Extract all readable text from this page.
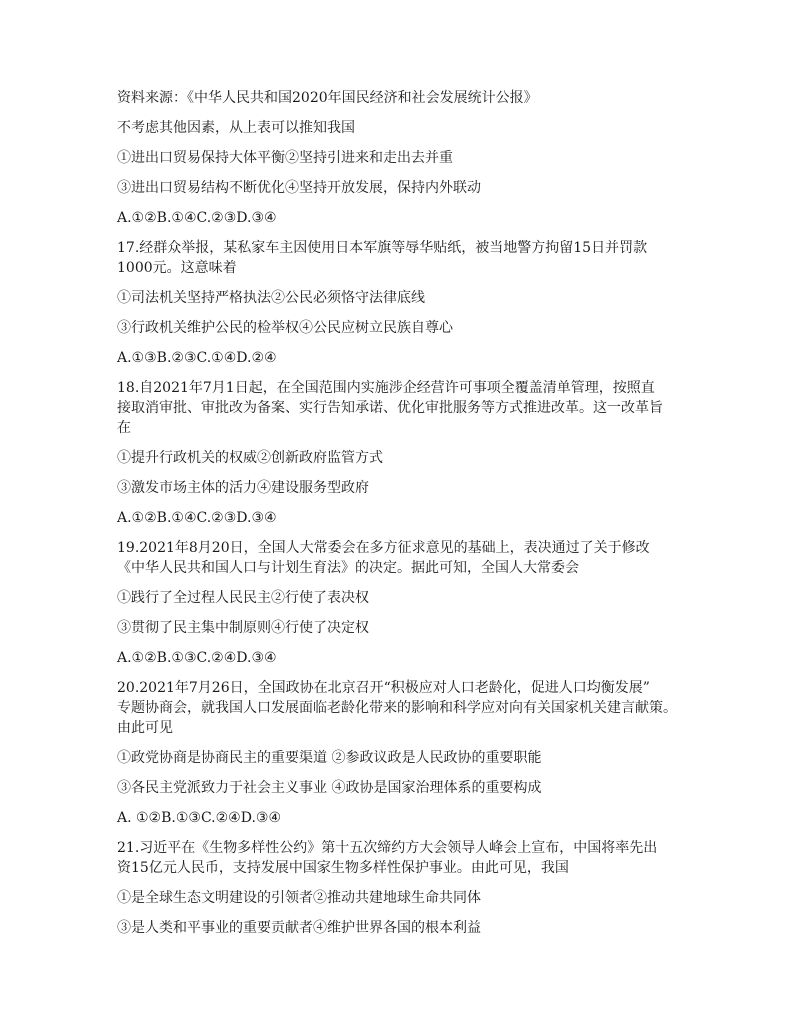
资料来源：《中华人民共和国2020年国民经济和社会发展统计公报》

不考虑其他因素，从上表可以推知我国

①进出口贸易保持大体平衡②坚持引进来和走出去并重

③进出口贸易结构不断优化④坚持开放发展，保持内外联动

A.①②B.①④C.②③D.③④

17.经群众举报，某私家车主因使用日本军旗等辱华贴纸，被当地警方拘留15日并罚款

1000元。这意味着

①司法机关坚持严格执法②公民必须恪守法律底线

③行政机关维护公民的检举权④公民应树立民族自尊心

A.①③B.②③C.①④D.②④

18.自2021年7月1日起，在全国范围内实施涉企经营许可事项全覆盖清单管理，按照直

接取消审批、审批改为备案、实行告知承诺、优化审批服务等方式推进改革。这一改革旨

在

①提升行政机关的权威②创新政府监管方式

③激发市场主体的活力④建设服务型政府

A.①②B.①④C.②③D.③④

19.2021年8月20日，全国人大常委会在多方征求意见的基础上，表决通过了关于修改

《中华人民共和国人口与计划生育法》的决定。据此可知，全国人大常委会

①践行了全过程人民民主②行使了表决权

③贯彻了民主集中制原则④行使了决定权

A.①②B.①③C.②④D.③④

20.2021年7月26日，全国政协在北京召开“积极应对人口老龄化，促进人口均衡发展”

专题协商会，就我国人口发展面临老龄化带来的影响和科学应对向有关国家机关建言献策。

由此可见

①政党协商是协商民主的重要渠道 ②参政议政是人民政协的重要职能

③各民主党派致力于社会主义事业 ④政协是国家治理体系的重要构成

A. ①②B.①③C.②④D.③④

21.习近平在《生物多样性公约》第十五次缔约方大会领导人峰会上宣布，中国将率先出

资15亿元人民币，支持发展中国家生物多样性保护事业。由此可见，我国

①是全球生态文明建设的引领者②推动共建地球生命共同体

③是人类和平事业的重要贡献者④维护世界各国的根本利益
